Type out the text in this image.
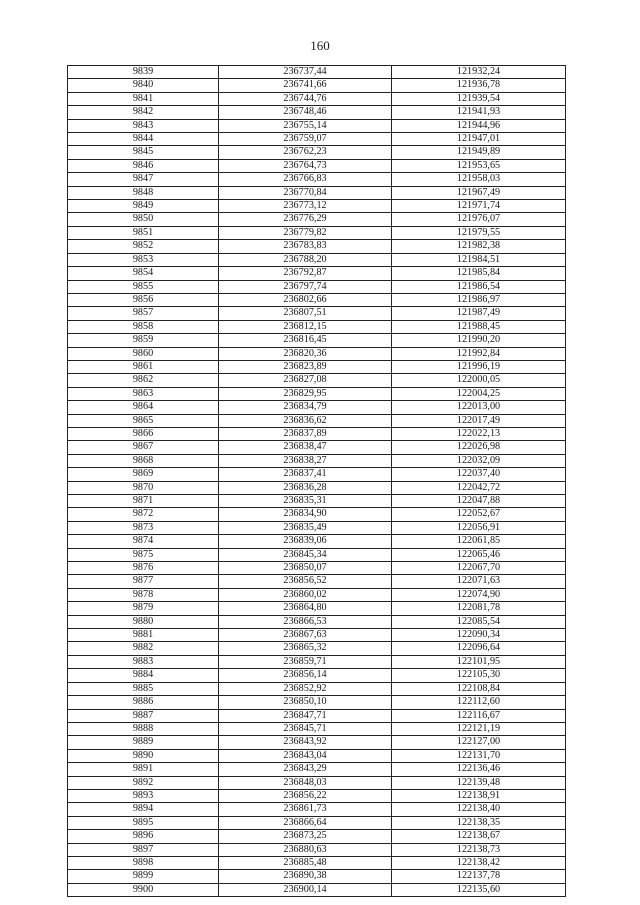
160
9839	236737,44	121932,24
9840	236741,66	121936,78
9841	236744,76	121939,54
9842	236748,46	121941,93
9843	236755,14	121944,96
9844	236759,07	121947,01
9845	236762,23	121949,89
9846	236764,73	121953,65
9847	236766,83	121958,03
9848	236770,84	121967,49
9849	236773,12	121971,74
9850	236776,29	121976,07
9851	236779,82	121979,55
9852	236783,83	121982,38
9853	236788,20	121984,51
9854	236792,87	121985,84
9855	236797,74	121986,54
9856	236802,66	121986,97
9857	236807,51	121987,49
9858	236812,15	121988,45
9859	236816,45	121990,20
9860	236820,36	121992,84
9861	236823,89	121996,19
9862	236827,08	122000,05
9863	236829,95	122004,25
9864	236834,79	122013,00
9865	236836,62	122017,49
9866	236837,89	122022,13
9867	236838,47	122026,98
9868	236838,27	122032,09
9869	236837,41	122037,40
9870	236836,28	122042,72
9871	236835,31	122047,88
9872	236834,90	122052,67
9873	236835,49	122056,91
9874	236839,06	122061,85
9875	236845,34	122065,46
9876	236850,07	122067,70
9877	236856,52	122071,63
9878	236860,02	122074,90
9879	236864,80	122081,78
9880	236866,53	122085,54
9881	236867,63	122090,34
9882	236865,32	122096,64
9883	236859,71	122101,95
9884	236856,14	122105,30
9885	236852,92	122108,84
9886	236850,10	122112,60
9887	236847,71	122116,67
9888	236845,71	122121,19
9889	236843,92	122127,00
9890	236843,04	122131,70
9891	236843,29	122136,46
9892	236848,03	122139,48
9893	236856,22	122138,91
9894	236861,73	122138,40
9895	236866,64	122138,35
9896	236873,25	122138,67
9897	236880,63	122138,73
9898	236885,48	122138,42
9899	236890,38	122137,78
9900	236900,14	122135,60
